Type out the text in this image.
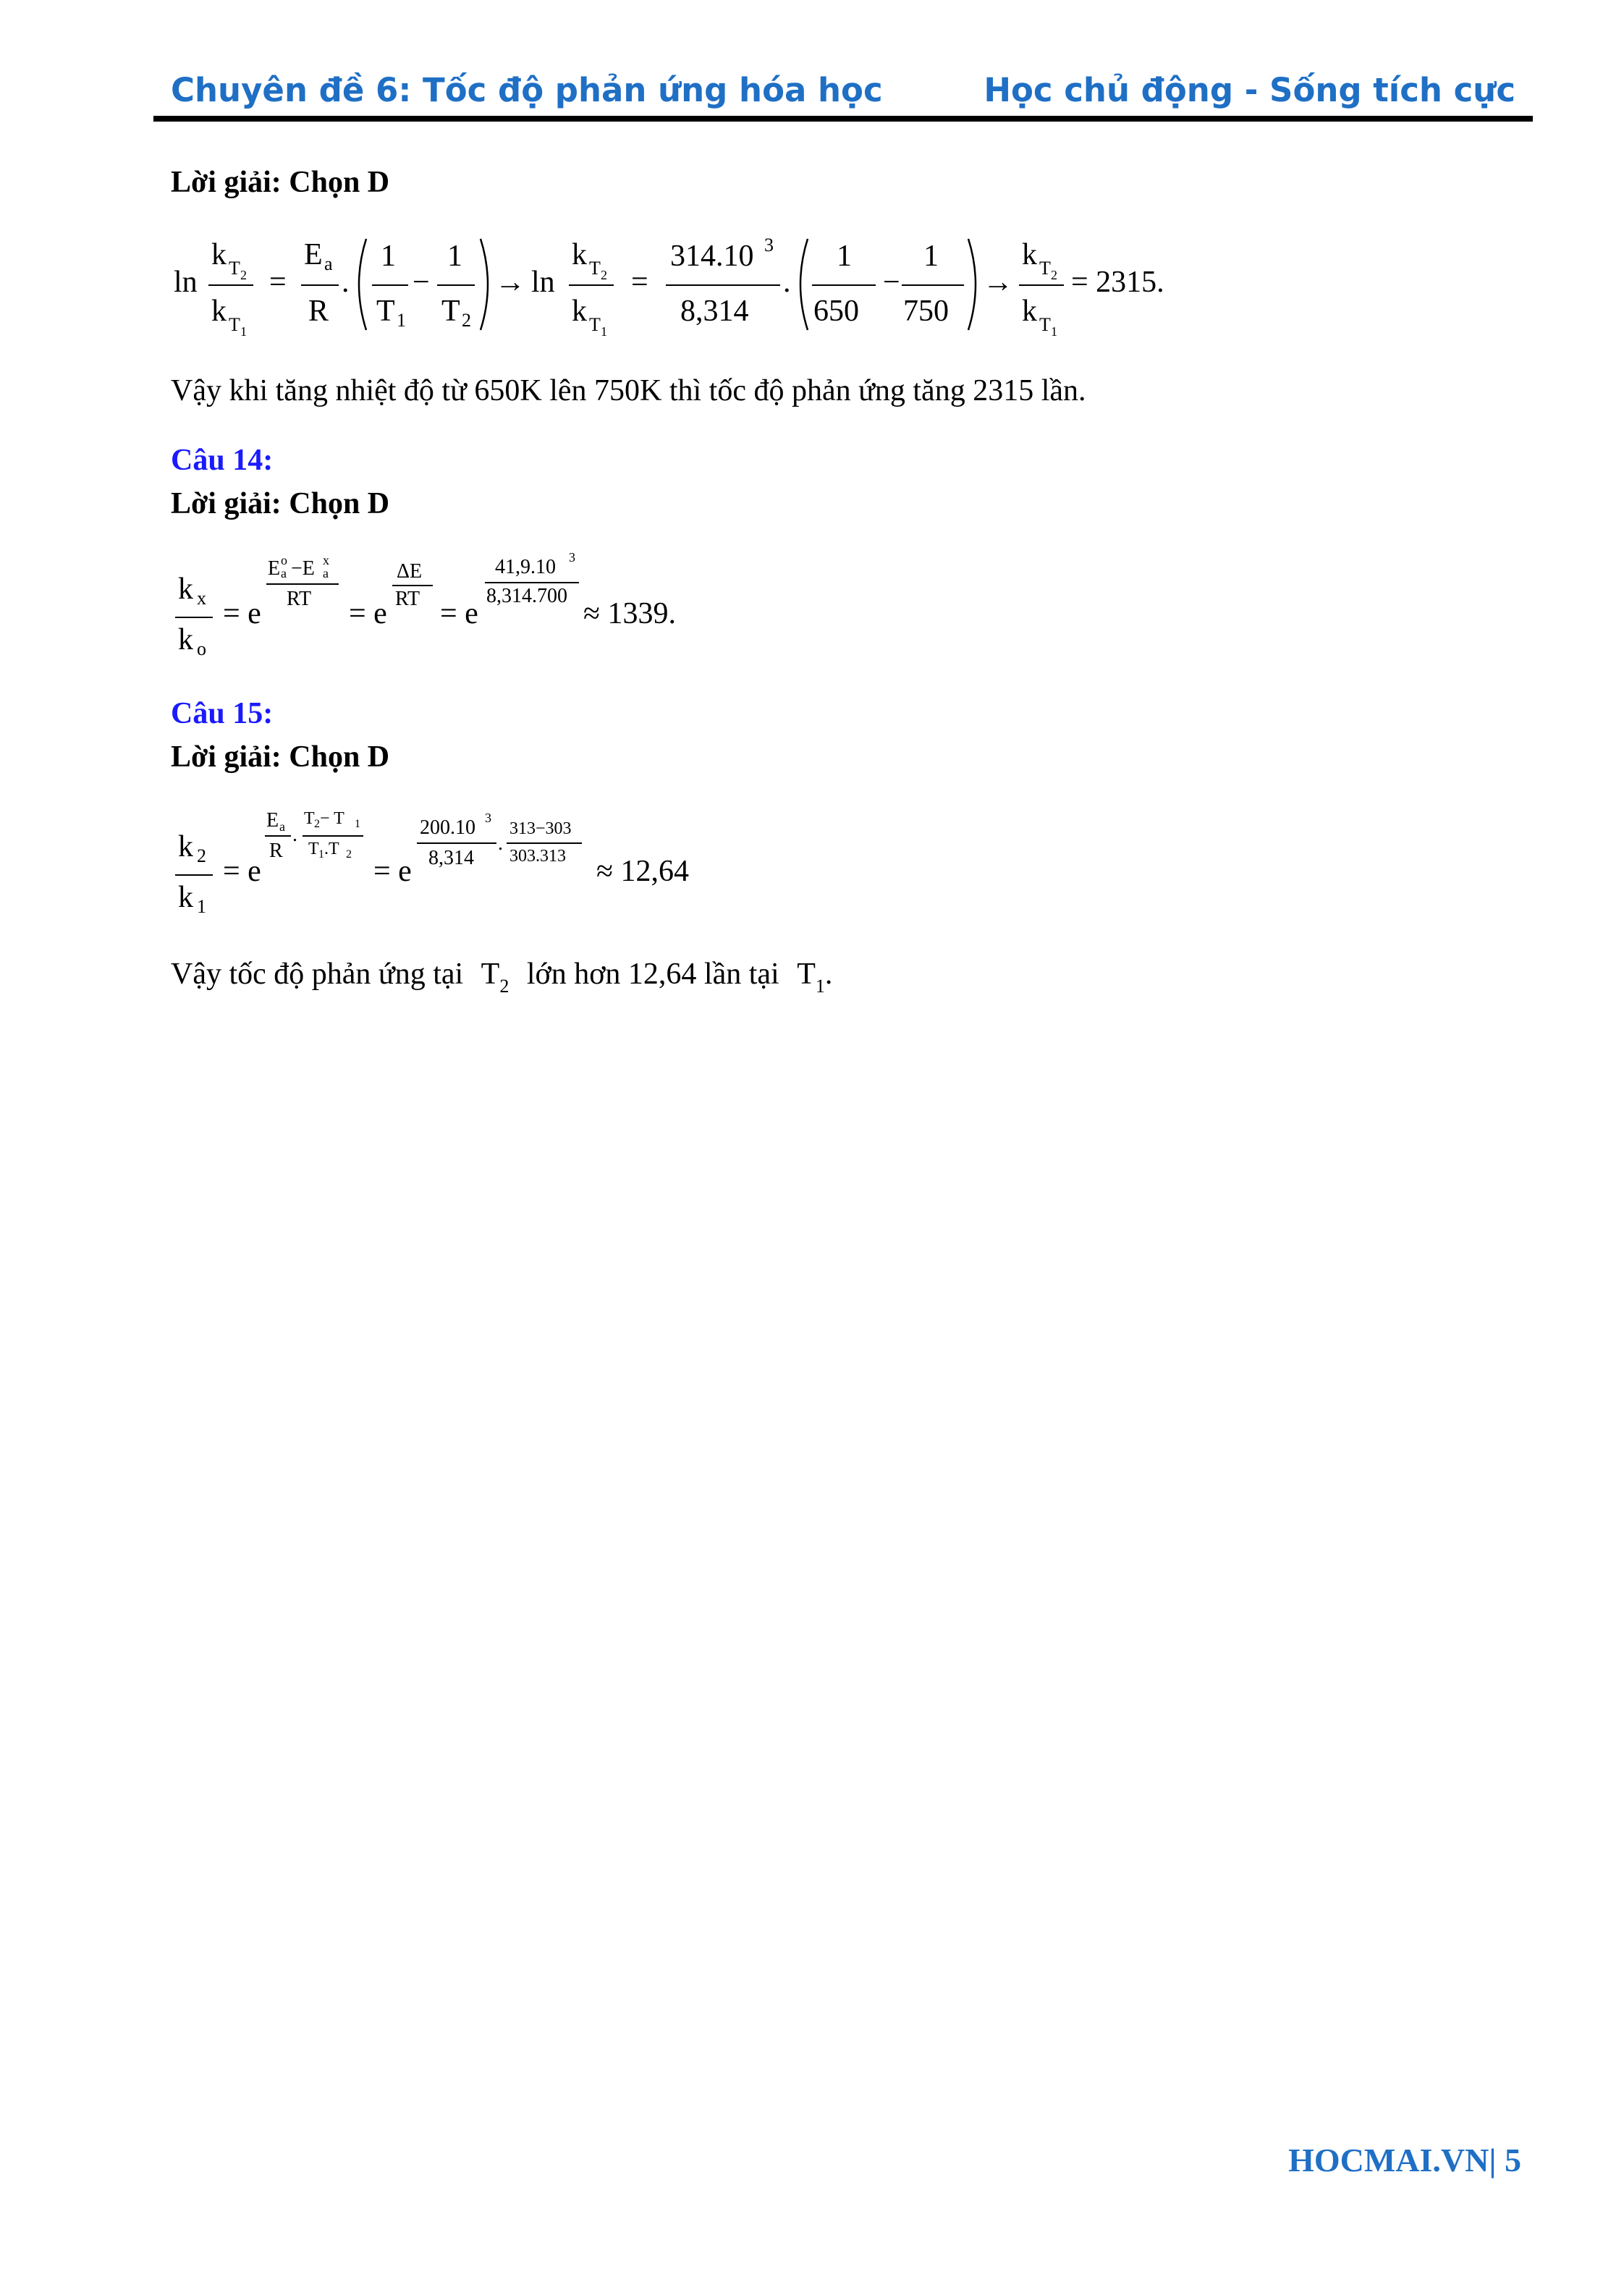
Chuyên đề 6: Tốc độ phản ứng hóa học	Học chủ động - Sống tích cực
Lời giải: Chọn D
ln
k T 2
k T 1
=
E a
R
.
1
T 1
−
1
T 2
→ ln
k T 2
k T 1
=
314.10 3
8,314
.
1
650
−
1
750
→
k T 2
k T 1
= 2315.
Vậy khi tăng nhiệt độ từ 650K lên 750K thì tốc độ phản ứng tăng 2315 lần.
Câu 14:
Lời giải: Chọn D
k x
k o
= e
E o
a −E x
a
RT = e
ΔE
RT = e
41,9.10 3
8,314.700
≈ 1339.
Câu 15:
Lời giải: Chọn D
k 2
k 1
= e
E a
R
.
T 2 − T 1
T 1 .T 2
= e
200.10 3
8,314
.
313−303
303.313 ≈ 12,64
Vậy tốc độ phản ứng tại $T_2$ lớn hơn 12,64 lần tại $T_1$.
HOCMAI.VN| 5
